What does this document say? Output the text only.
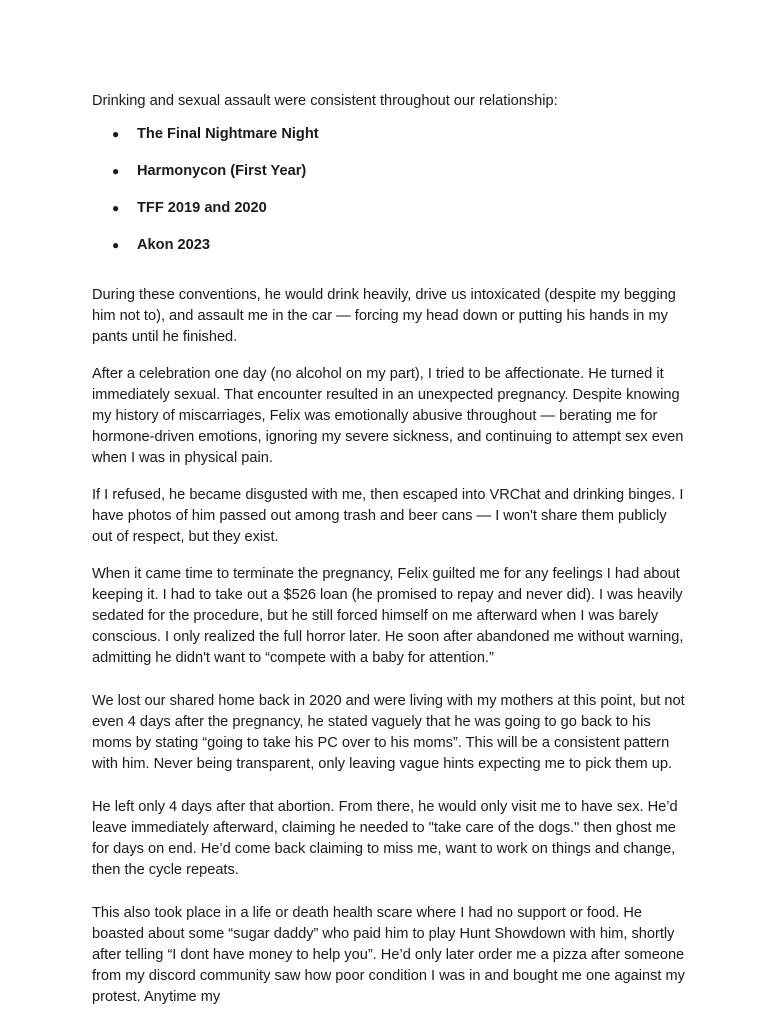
Drinking and sexual assault were consistent throughout our relationship:

● The Final Nightmare Night
● Harmonycon (First Year)
● TFF 2019 and 2020
● Akon 2023

During these conventions, he would drink heavily, drive us intoxicated (despite my begging him not to), and assault me in the car — forcing my head down or putting his hands in my pants until he finished.

After a celebration one day (no alcohol on my part), I tried to be affectionate. He turned it immediately sexual. That encounter resulted in an unexpected pregnancy. Despite knowing my history of miscarriages, Felix was emotionally abusive throughout — berating me for hormone-driven emotions, ignoring my severe sickness, and continuing to attempt sex even when I was in physical pain.

If I refused, he became disgusted with me, then escaped into VRChat and drinking binges. I have photos of him passed out among trash and beer cans — I won't share them publicly out of respect, but they exist.

When it came time to terminate the pregnancy, Felix guilted me for any feelings I had about keeping it. I had to take out a $526 loan (he promised to repay and never did). I was heavily sedated for the procedure, but he still forced himself on me afterward when I was barely conscious. I only realized the full horror later. He soon after abandoned me without warning, admitting he didn't want to “compete with a baby for attention.”

We lost our shared home back in 2020 and were living with my mothers at this point, but not even 4 days after the pregnancy, he stated vaguely that he was going to go back to his moms by stating “going to take his PC over to his moms”. This will be a consistent pattern with him. Never being transparent, only leaving vague hints expecting me to pick them up.

He left only 4 days after that abortion. From there, he would only visit me to have sex. He’d leave immediately afterward, claiming he needed to "take care of the dogs." then ghost me for days on end. He’d come back claiming to miss me, want to work on things and change, then the cycle repeats.

This also took place in a life or death health scare where I had no support or food. He boasted about some “sugar daddy” who paid him to play Hunt Showdown with him, shortly after telling “I dont have money to help you”. He’d only later order me a pizza after someone from my discord community saw how poor condition I was in and bought me one against my protest. Anytime my
